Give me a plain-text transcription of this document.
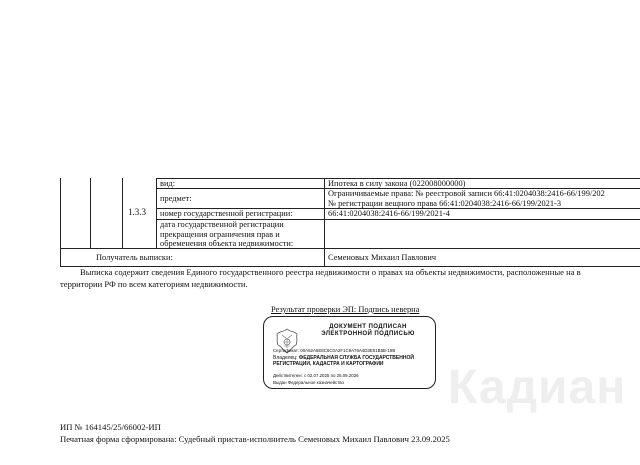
1.3.3
вид:	Ипотека в силу закона (022008000000)
предмет:
Ограничиваемые права: № реестровой записи 66:41:0204038:2416-66/199/202
№ регистрации вещного права 66:41:0204038:2416-66/199/2021-3
номер государственной регистрации:	66:41:0204038:2416-66/199/2021-4
дата государственной регистрации
прекращения ограничения прав и
обременения объекта недвижимости:
Получатель выписки:	Семеновых Михаил Павлович
Выписка содержит сведения Единого государственного реестра недвижимости о правах на объекты недвижимости, расположенные на в
территории РФ по всем категориям недвижимости.
Результат проверки ЭП: Подпись неверна
ДОКУМЕНТ ПОДПИСАН
ЭЛЕКТРОННОЙ ПОДПИСЬЮ
Сертификат: 00A52A5E8C6C0A2F1C9A76A4D3E51B5B-19B
Владелец: ФЕДЕРАЛЬНАЯ СЛУЖБА ГОСУДАРСТВЕННОЙ РЕГИСТРАЦИИ, КАДАСТРА И КАРТОГРАФИИ
Действителен: с 02.07.2025 по 25.09.2026
Выдан Федеральное казначейство Кадиан
ИП № 164145/25/66002-ИП
Печатная форма сформирована: Судебный пристав-исполнитель Семеновых Михаил Павлович 23.09.2025
